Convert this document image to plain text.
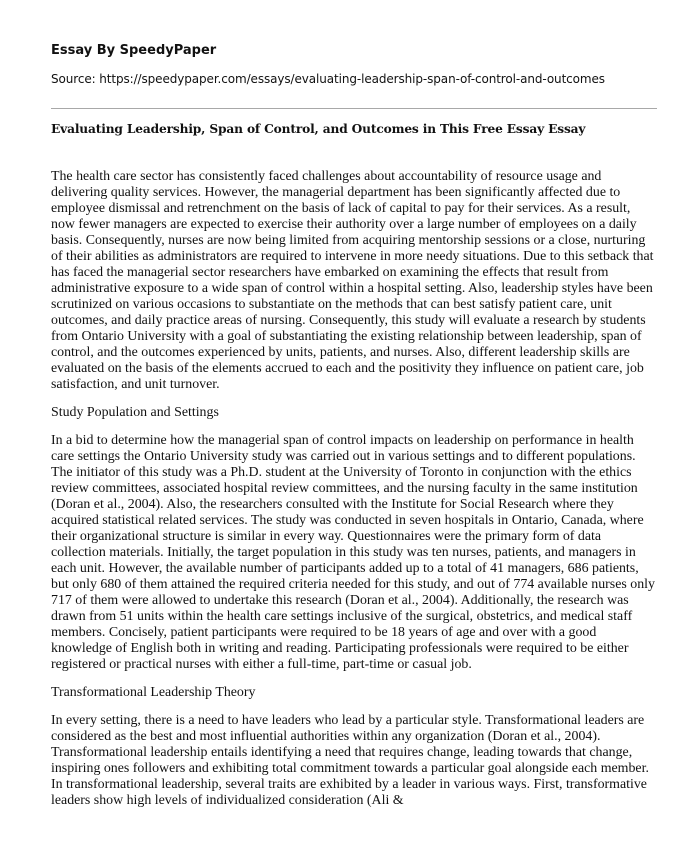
Essay By SpeedyPaper
Source: https://speedypaper.com/essays/evaluating-leadership-span-of-control-and-outcomes
Evaluating Leadership, Span of Control, and Outcomes in This Free Essay Essay

The health care sector has consistently faced challenges about accountability of resource usage and delivering quality services. However, the managerial department has been significantly affected due to employee dismissal and retrenchment on the basis of lack of capital to pay for their services. As a result, now fewer managers are expected to exercise their authority over a large number of employees on a daily basis. Consequently, nurses are now being limited from acquiring mentorship sessions or a close, nurturing of their abilities as administrators are required to intervene in more needy situations. Due to this setback that has faced the managerial sector researchers have embarked on examining the effects that result from administrative exposure to a wide span of control within a hospital setting. Also, leadership styles have been scrutinized on various occasions to substantiate on the methods that can best satisfy patient care, unit outcomes, and daily practice areas of nursing. Consequently, this study will evaluate a research by students from Ontario University with a goal of substantiating the existing relationship between leadership, span of control, and the outcomes experienced by units, patients, and nurses. Also, different leadership skills are evaluated on the basis of the elements accrued to each and the positivity they influence on patient care, job satisfaction, and unit turnover.

Study Population and Settings

In a bid to determine how the managerial span of control impacts on leadership on performance in health care settings the Ontario University study was carried out in various settings and to different populations. The initiator of this study was a Ph.D. student at the University of Toronto in conjunction with the ethics review committees, associated hospital review committees, and the nursing faculty in the same institution (Doran et al., 2004). Also, the researchers consulted with the Institute for Social Research where they acquired statistical related services. The study was conducted in seven hospitals in Ontario, Canada, where their organizational structure is similar in every way. Questionnaires were the primary form of data collection materials. Initially, the target population in this study was ten nurses, patients, and managers in each unit. However, the available number of participants added up to a total of 41 managers, 686 patients, but only 680 of them attained the required criteria needed for this study, and out of 774 available nurses only 717 of them were allowed to undertake this research (Doran et al., 2004). Additionally, the research was drawn from 51 units within the health care settings inclusive of the surgical, obstetrics, and medical staff members. Concisely, patient participants were required to be 18 years of age and over with a good knowledge of English both in writing and reading. Participating professionals were required to be either registered or practical nurses with either a full-time, part-time or casual job.

Transformational Leadership Theory

In every setting, there is a need to have leaders who lead by a particular style. Transformational leaders are considered as the best and most influential authorities within any organization (Doran et al., 2004). Transformational leadership entails identifying a need that requires change, leading towards that change, inspiring ones followers and exhibiting total commitment towards a particular goal alongside each member. In transformational leadership, several traits are exhibited by a leader in various ways. First, transformative leaders show high levels of individualized consideration (Ali &
